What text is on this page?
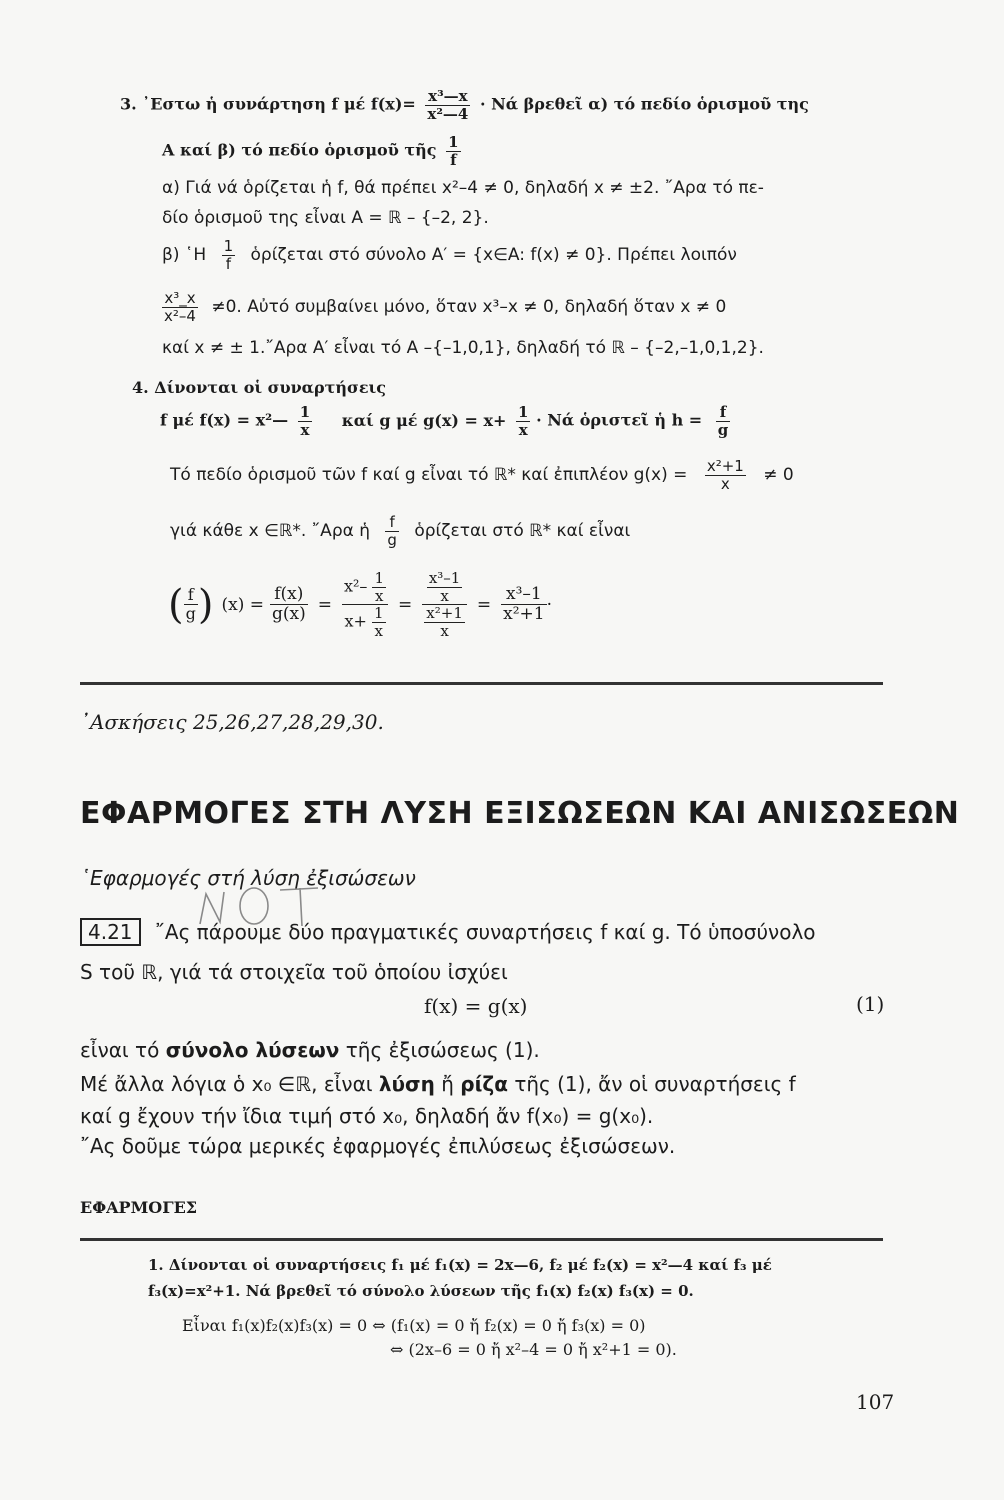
3. ᾽Εστω ἡ συνάρτηση f μέ $f(x)= \frac{\text{x³—x}}{\text{x²—4}} \cdot Nά$ βρεθεῖ α) τό πεδίο ὁρισμοῦ της
A καί β) τό πεδίο ὁρισμοῦ τῆς $\frac{1}{f}$
α) Γιά νά ὁρίζεται ἡ f, θά πρέπει x²–4 ≠ 0, δηλαδή x ≠ ±2. ῎Αρα τό πε-
δίο ὁρισμοῦ της εἶναι A = ℝ – {–2, 2}.
β) ῾Η $\frac{1}{f}$ ὁρίζεται στό σύνολο A′ = {x∈A: f(x) ≠ 0}. Πρέπει λοιπόν
$\frac{\text{x³\_x}}{\text{x²–4}} \ne 0$. Αὐτό συμβαίνει μόνο, ὅταν x³–x ≠ 0, δηλαδή ὅταν x ≠ 0
καί x ≠ ± 1.῎Αρα A′ εἶναι τό A –{–1,0,1}, δηλαδή τό ℝ – {–2,–1,0,1,2}.
4. Δίνονται οἱ συναρτήσεις
f μέ f(x) = x²— $\frac{1}{x}$ καί g μέ $g(x) = x+ \frac{1}{x} \cdot Nά$ ὁριστεῖ ἡ $h = \frac{f}{g}$
Τό πεδίο ὁρισμοῦ τῶν f καί g εἶναι τό ℝ* καί ἐπιπλέον $g(x) = \frac{\text{x²+1}}{x} \ne 0$
γιά κάθε x ∈ℝ*. ῎Αρα ἡ $\frac{f}{g}$ ὁρίζεται στό ℝ* καί εἶναι
( $\frac{f}{g}$ ) $(x) = \frac{f(x)}{g(x)} = \frac{x^2- \frac{1}{x}}{x+ \frac{1}{x}} = \frac{\frac{\text{x³–1}}{x}}{\frac{\text{x²+1}}{x}} = \frac{\text{x³–1}}{\text{x²+1}}$ ·
᾽Ασκήσεις 25,26,27,28,29,30.
ΕΦΑΡΜΟΓΕΣ ΣΤΗ ΛΥΣΗ ΕΞΙΣΩΣΕΩΝ ΚΑΙ ΑΝΙΣΩΣΕΩΝ
῾Εφαρμογές στή λύση ἐξισώσεων
4.21 ῎Ας πάρουμε δύο πραγματικές συναρτήσεις f καί g. Τό ὑποσύνολο
S τοῦ ℝ, γιά τά στοιχεῖα τοῦ ὁποίου ἰσχύει
f(x) = g(x)	(1)
εἶναι τό σύνολο λύσεων τῆς ἐξισώσεως (1).
Μέ ἄλλα λόγια ὁ x₀ ∈ℝ, εἶναι λύση ἤ ρίζα τῆς (1), ἄν οἱ συναρτήσεις f
καί g ἔχουν τήν ἴδια τιμή στό x₀, δηλαδή ἄν f(x₀) = g(x₀).
῎Ας δοῦμε τώρα μερικές ἐφαρμογές ἐπιλύσεως ἐξισώσεων.
ΕΦΑΡΜΟΓΕΣ
1. Δίνονται οἱ συναρτήσεις f₁ μέ f₁(x) = 2x—6, f₂ μέ f₂(x) = x²—4 καί f₃ μέ
f₃(x)=x²+1. Νά βρεθεῖ τό σύνολο λύσεων τῆς f₁(x) f₂(x) f₃(x) = 0.
Εἶναι f₁(x)f₂(x)f₃(x) = 0 ⇔ (f₁(x) = 0 ἤ f₂(x) = 0 ἤ f₃(x) = 0)
⇔ (2x–6 = 0 ἤ x²–4 = 0 ἤ x²+1 = 0).
107
